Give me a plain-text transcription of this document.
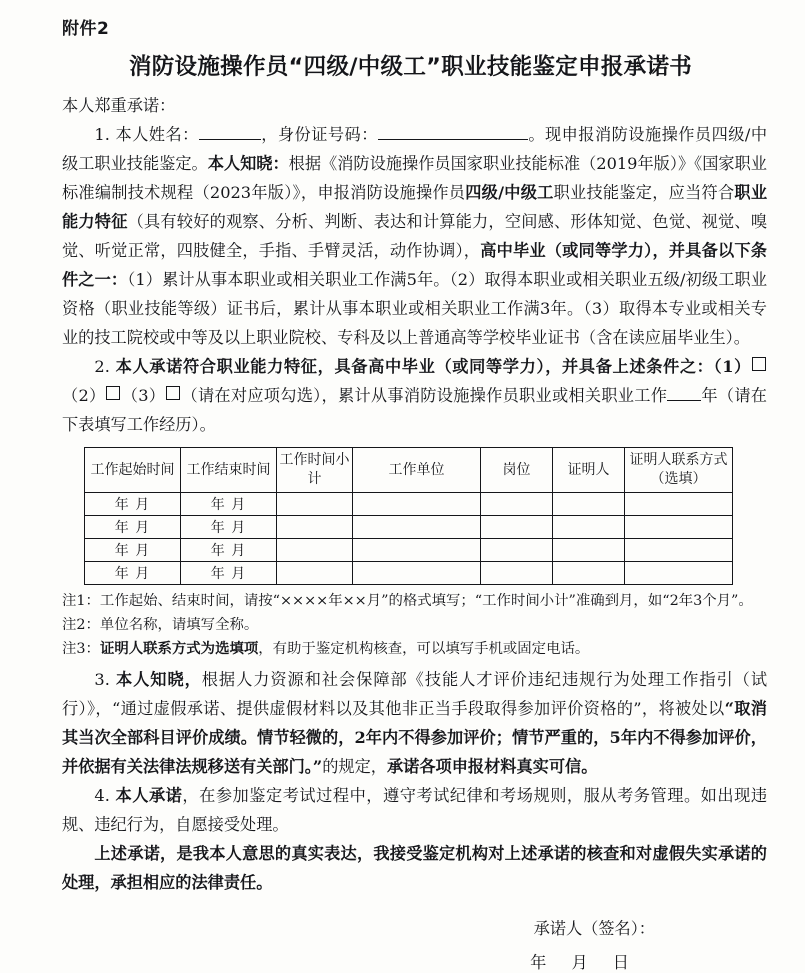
附件2
消防设施操作员“四级/中级工”职业技能鉴定申报承诺书

本人郑重承诺：

1. 本人姓名：	，身份证号码：	。现申报消防设施操作员四级/中级工职业技能鉴定。本人知晓：根据《消防设施操作员国家职业技能标准（2019年版）》《国家职业标准编制技术规程（2023年版）》，申报消防设施操作员四级/中级工职业技能鉴定，应当符合职业能力特征（具有较好的观察、分析、判断、表达和计算能力，空间感、形体知觉、色觉、视觉、嗅觉、听觉正常，四肢健全，手指、手臂灵活，动作协调），高中毕业（或同等学力），并具备以下条件之一：（1）累计从事本职业或相关职业工作满5年。（2）取得本职业或相关职业五级/初级工职业资格（职业技能等级）证书后，累计从事本职业或相关职业工作满3年。（3）取得本专业或相关专业的技工院校或中等及以上职业院校、专科及以上普通高等学校毕业证书（含在读应届毕业生）。

2. 本人承诺符合职业能力特征，具备高中毕业（或同等学力），并具备上述条件之：（1）（2） （3） （请在对应项勾选），累计从事消防设施操作员职业或相关职业工作 年（请在下表填写工作经历）。

工作起始时间	工作结束时间	工作时间小计	工作单位	岗位	证明人	证明人联系方式（选填）
年 月	年 月					
年 月	年 月					
年 月	年 月					
年 月	年 月					

注1：工作起始、结束时间，请按“××××年××月”的格式填写；“工作时间小计”准确到月，如“2年3个月”。

注2：单位名称，请填写全称。

注3：证明人联系方式为选填项，有助于鉴定机构核查，可以填写手机或固定电话。

3. 本人知晓，根据人力资源和社会保障部《技能人才评价违纪违规行为处理工作指引（试行）》，“通过虚假承诺、提供虚假材料以及其他非正当手段取得参加评价资格的”，将被处以“取消其当次全部科目评价成绩。情节轻微的，2年内不得参加评价；情节严重的，5年内不得参加评价，并依据有关法律法规移送有关部门。”的规定，承诺各项申报材料真实可信。

4. 本人承诺，在参加鉴定考试过程中，遵守考试纪律和考场规则，服从考务管理。如出现违规、违纪行为，自愿接受处理。

上述承诺，是我本人意思的真实表达，我接受鉴定机构对上述承诺的核查和对虚假失实承诺的处理，承担相应的法律责任。

承诺人（签名）：
年 月 日
